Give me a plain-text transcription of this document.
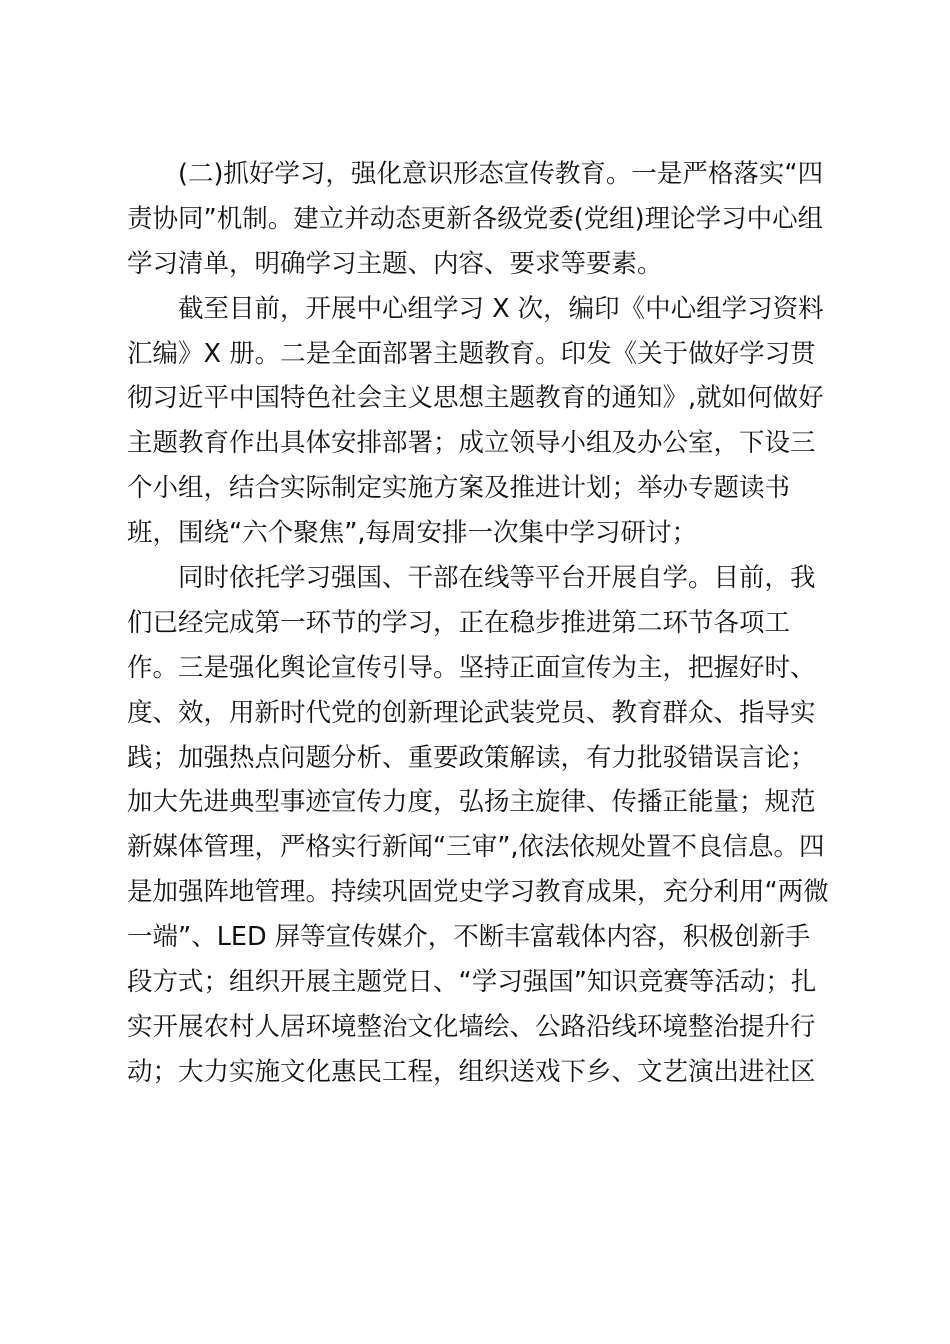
(二)抓好学习，强化意识形态宣传教育。一是严格落实“四
责协同”机制。建立并动态更新各级党委(党组)理论学习中心组
学习清单，明确学习主题、内容、要求等要素。
截至目前，开展中心组学习 X 次，编印《中心组学习资料
汇编》X 册。二是全面部署主题教育。印发《关于做好学习贯
彻习近平中国特色社会主义思想主题教育的通知》,就如何做好
主题教育作出具体安排部署；成立领导小组及办公室，下设三
个小组，结合实际制定实施方案及推进计划；举办专题读书
班，围绕“六个聚焦”,每周安排一次集中学习研讨；
同时依托学习强国、干部在线等平台开展自学。目前，我
们已经完成第一环节的学习，正在稳步推进第二环节各项工
作。三是强化舆论宣传引导。坚持正面宣传为主，把握好时、
度、效，用新时代党的创新理论武装党员、教育群众、指导实
践；加强热点问题分析、重要政策解读，有力批驳错误言论；
加大先进典型事迹宣传力度，弘扬主旋律、传播正能量；规范
新媒体管理，严格实行新闻“三审”,依法依规处置不良信息。四
是加强阵地管理。持续巩固党史学习教育成果，充分利用“两微
一端”、LED 屏等宣传媒介，不断丰富载体内容，积极创新手
段方式；组织开展主题党日、“学习强国”知识竞赛等活动；扎
实开展农村人居环境整治文化墙绘、公路沿线环境整治提升行
动；大力实施文化惠民工程，组织送戏下乡、文艺演出进社区
